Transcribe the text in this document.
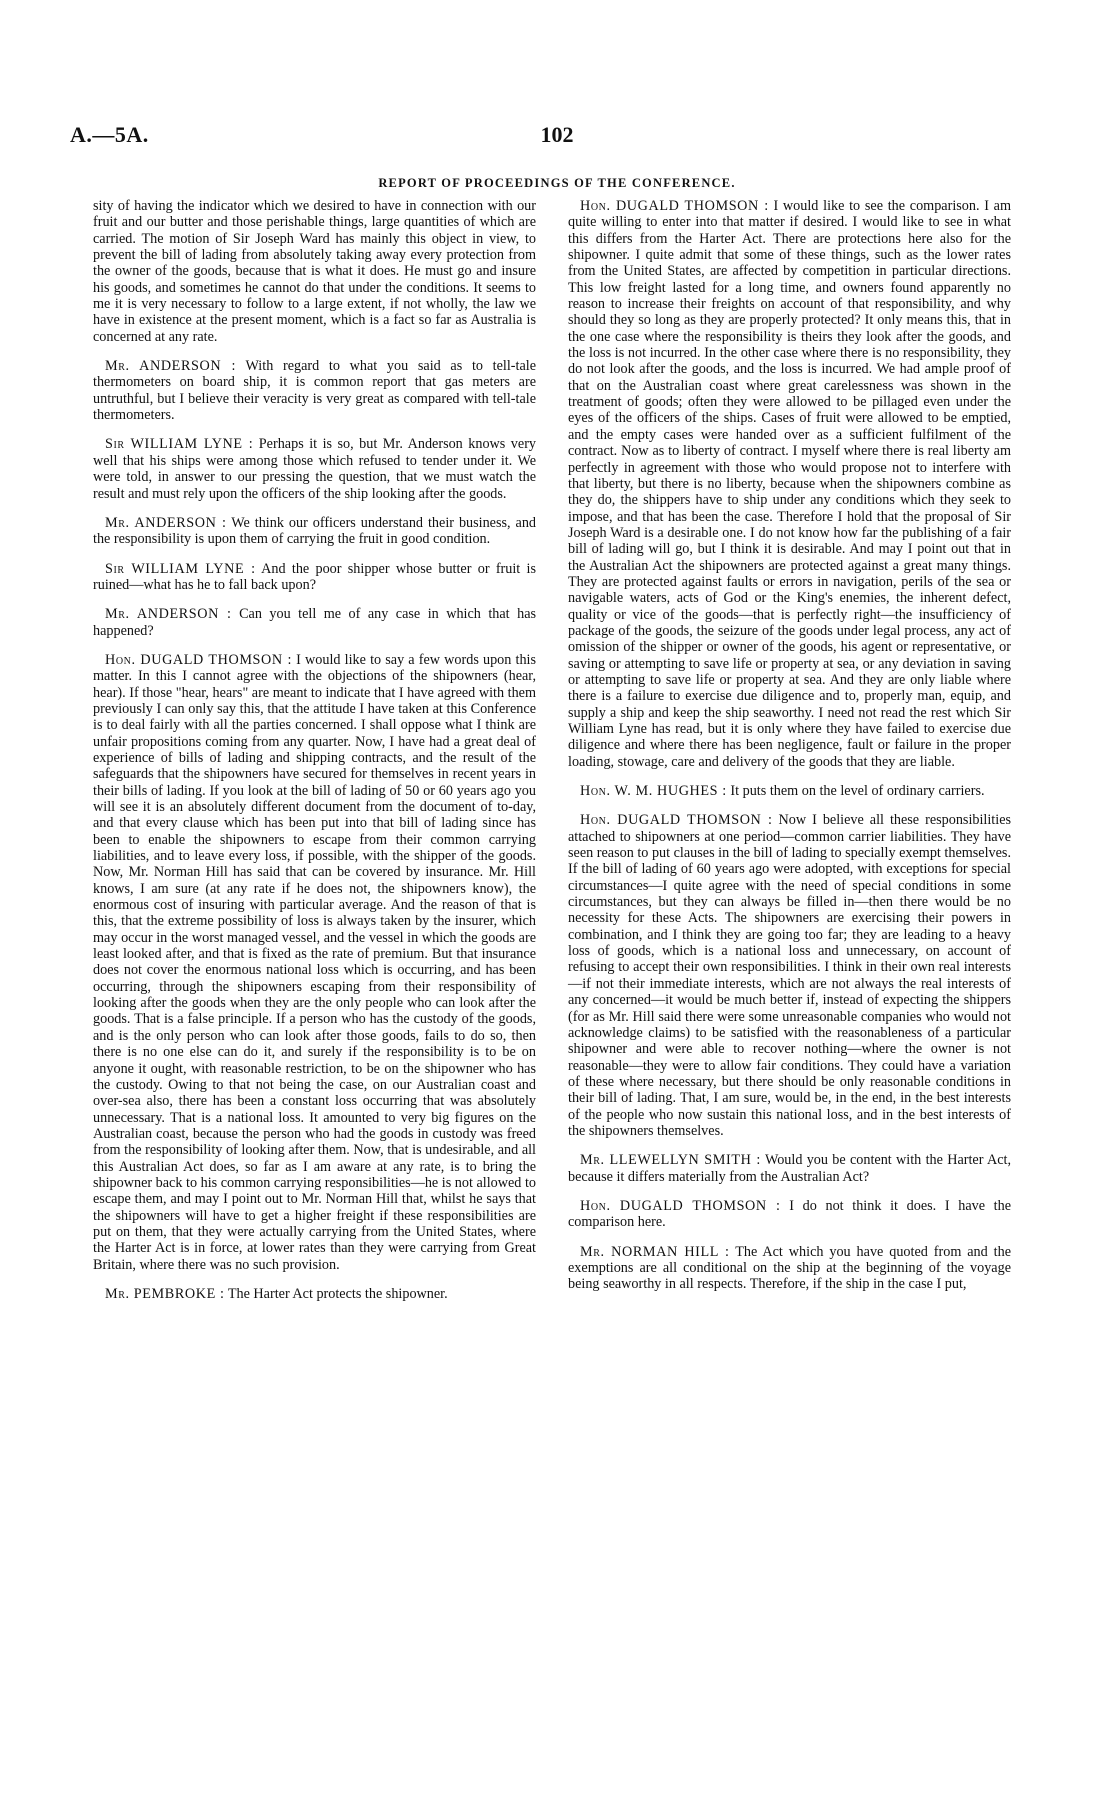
A.—5A.	102
REPORT OF PROCEEDINGS OF THE CONFERENCE.

sity of having the indicator which we desired to have in connection with our fruit and our butter and those perishable things, large quantities of which are carried. The motion of Sir Joseph Ward has mainly this object in view, to prevent the bill of lading from absolutely taking away every protection from the owner of the goods, because that is what it does. He must go and insure his goods, and sometimes he cannot do that under the conditions. It seems to me it is very necessary to follow to a large extent, if not wholly, the law we have in existence at the present moment, which is a fact so far as Australia is concerned at any rate.

Mr. ANDERSON : With regard to what you said as to tell-tale thermometers on board ship, it is common report that gas meters are untruthful, but I believe their veracity is very great as compared with tell-tale thermometers.

Sir WILLIAM LYNE : Perhaps it is so, but Mr. Anderson knows very well that his ships were among those which refused to tender under it. We were told, in answer to our pressing the question, that we must watch the result and must rely upon the officers of the ship looking after the goods.

Mr. ANDERSON : We think our officers understand their business, and the responsibility is upon them of carrying the fruit in good condition.

Sir WILLIAM LYNE : And the poor shipper whose butter or fruit is ruined—what has he to fall back upon?

Mr. ANDERSON : Can you tell me of any case in which that has happened?

Hon. DUGALD THOMSON : I would like to say a few words upon this matter. In this I cannot agree with the objections of the shipowners (hear, hear). If those "hear, hears" are meant to indicate that I have agreed with them previously I can only say this, that the attitude I have taken at this Conference is to deal fairly with all the parties concerned. I shall oppose what I think are unfair propositions coming from any quarter. Now, I have had a great deal of experience of bills of lading and shipping contracts, and the result of the safeguards that the shipowners have secured for themselves in recent years in their bills of lading. If you look at the bill of lading of 50 or 60 years ago you will see it is an absolutely different document from the document of to-day, and that every clause which has been put into that bill of lading since has been to enable the shipowners to escape from their common carrying liabilities, and to leave every loss, if possible, with the shipper of the goods. Now, Mr. Norman Hill has said that can be covered by insurance. Mr. Hill knows, I am sure (at any rate if he does not, the shipowners know), the enormous cost of insuring with particular average. And the reason of that is this, that the extreme possibility of loss is always taken by the insurer, which may occur in the worst managed vessel, and the vessel in which the goods are least looked after, and that is fixed as the rate of premium. But that insurance does not cover the enormous national loss which is occurring, and has been occurring, through the shipowners escaping from their responsibility of looking after the goods when they are the only people who can look after the goods. That is a false principle. If a person who has the custody of the goods, and is the only person who can look after those goods, fails to do so, then there is no one else can do it, and surely if the responsibility is to be on anyone it ought, with reasonable restriction, to be on the shipowner who has the custody. Owing to that not being the case, on our Australian coast and over-sea also, there has been a constant loss occurring that was absolutely unnecessary. That is a national loss. It amounted to very big figures on the Australian coast, because the person who had the goods in custody was freed from the responsibility of looking after them. Now, that is undesirable, and all this Australian Act does, so far as I am aware at any rate, is to bring the shipowner back to his common carrying responsibilities—he is not allowed to escape them, and may I point out to Mr. Norman Hill that, whilst he says that the shipowners will have to get a higher freight if these responsibilities are put on them, that they were actually carrying from the United States, where the Harter Act is in force, at lower rates than they were carrying from Great Britain, where there was no such provision.

Mr. PEMBROKE : The Harter Act protects the shipowner.

Hon. DUGALD THOMSON : I would like to see the comparison. I am quite willing to enter into that matter if desired. I would like to see in what this differs from the Harter Act. There are protections here also for the shipowner. I quite admit that some of these things, such as the lower rates from the United States, are affected by competition in particular directions. This low freight lasted for a long time, and owners found apparently no reason to increase their freights on account of that responsibility, and why should they so long as they are properly protected? It only means this, that in the one case where the responsibility is theirs they look after the goods, and the loss is not incurred. In the other case where there is no responsibility, they do not look after the goods, and the loss is incurred. We had ample proof of that on the Australian coast where great carelessness was shown in the treatment of goods; often they were allowed to be pillaged even under the eyes of the officers of the ships. Cases of fruit were allowed to be emptied, and the empty cases were handed over as a sufficient fulfilment of the contract. Now as to liberty of contract. I myself where there is real liberty am perfectly in agreement with those who would propose not to interfere with that liberty, but there is no liberty, because when the shipowners combine as they do, the shippers have to ship under any conditions which they seek to impose, and that has been the case. Therefore I hold that the proposal of Sir Joseph Ward is a desirable one. I do not know how far the publishing of a fair bill of lading will go, but I think it is desirable. And may I point out that in the Australian Act the shipowners are protected against a great many things. They are protected against faults or errors in navigation, perils of the sea or navigable waters, acts of God or the King's enemies, the inherent defect, quality or vice of the goods—that is perfectly right—the insufficiency of package of the goods, the seizure of the goods under legal process, any act of omission of the shipper or owner of the goods, his agent or representative, or saving or attempting to save life or property at sea, or any deviation in saving or attempting to save life or property at sea. And they are only liable where there is a failure to exercise due diligence and to, properly man, equip, and supply a ship and keep the ship seaworthy. I need not read the rest which Sir William Lyne has read, but it is only where they have failed to exercise due diligence and where there has been negligence, fault or failure in the proper loading, stowage, care and delivery of the goods that they are liable.

Hon. W. M. HUGHES : It puts them on the level of ordinary carriers.

Hon. DUGALD THOMSON : Now I believe all these responsibilities attached to shipowners at one period—common carrier liabilities. They have seen reason to put clauses in the bill of lading to specially exempt themselves. If the bill of lading of 60 years ago were adopted, with exceptions for special circumstances—I quite agree with the need of special conditions in some circumstances, but they can always be filled in—then there would be no necessity for these Acts. The shipowners are exercising their powers in combination, and I think they are going too far; they are leading to a heavy loss of goods, which is a national loss and unnecessary, on account of refusing to accept their own responsibilities. I think in their own real interests—if not their immediate interests, which are not always the real interests of any concerned—it would be much better if, instead of expecting the shippers (for as Mr. Hill said there were some unreasonable companies who would not acknowledge claims) to be satisfied with the reasonableness of a particular shipowner and were able to recover nothing—where the owner is not reasonable—they were to allow fair conditions. They could have a variation of these where necessary, but there should be only reasonable conditions in their bill of lading. That, I am sure, would be, in the end, in the best interests of the people who now sustain this national loss, and in the best interests of the shipowners themselves.

Mr. LLEWELLYN SMITH : Would you be content with the Harter Act, because it differs materially from the Australian Act?

Hon. DUGALD THOMSON : I do not think it does. I have the comparison here.

Mr. NORMAN HILL : The Act which you have quoted from and the exemptions are all conditional on the ship at the beginning of the voyage being seaworthy in all respects. Therefore, if the ship in the case I put,
